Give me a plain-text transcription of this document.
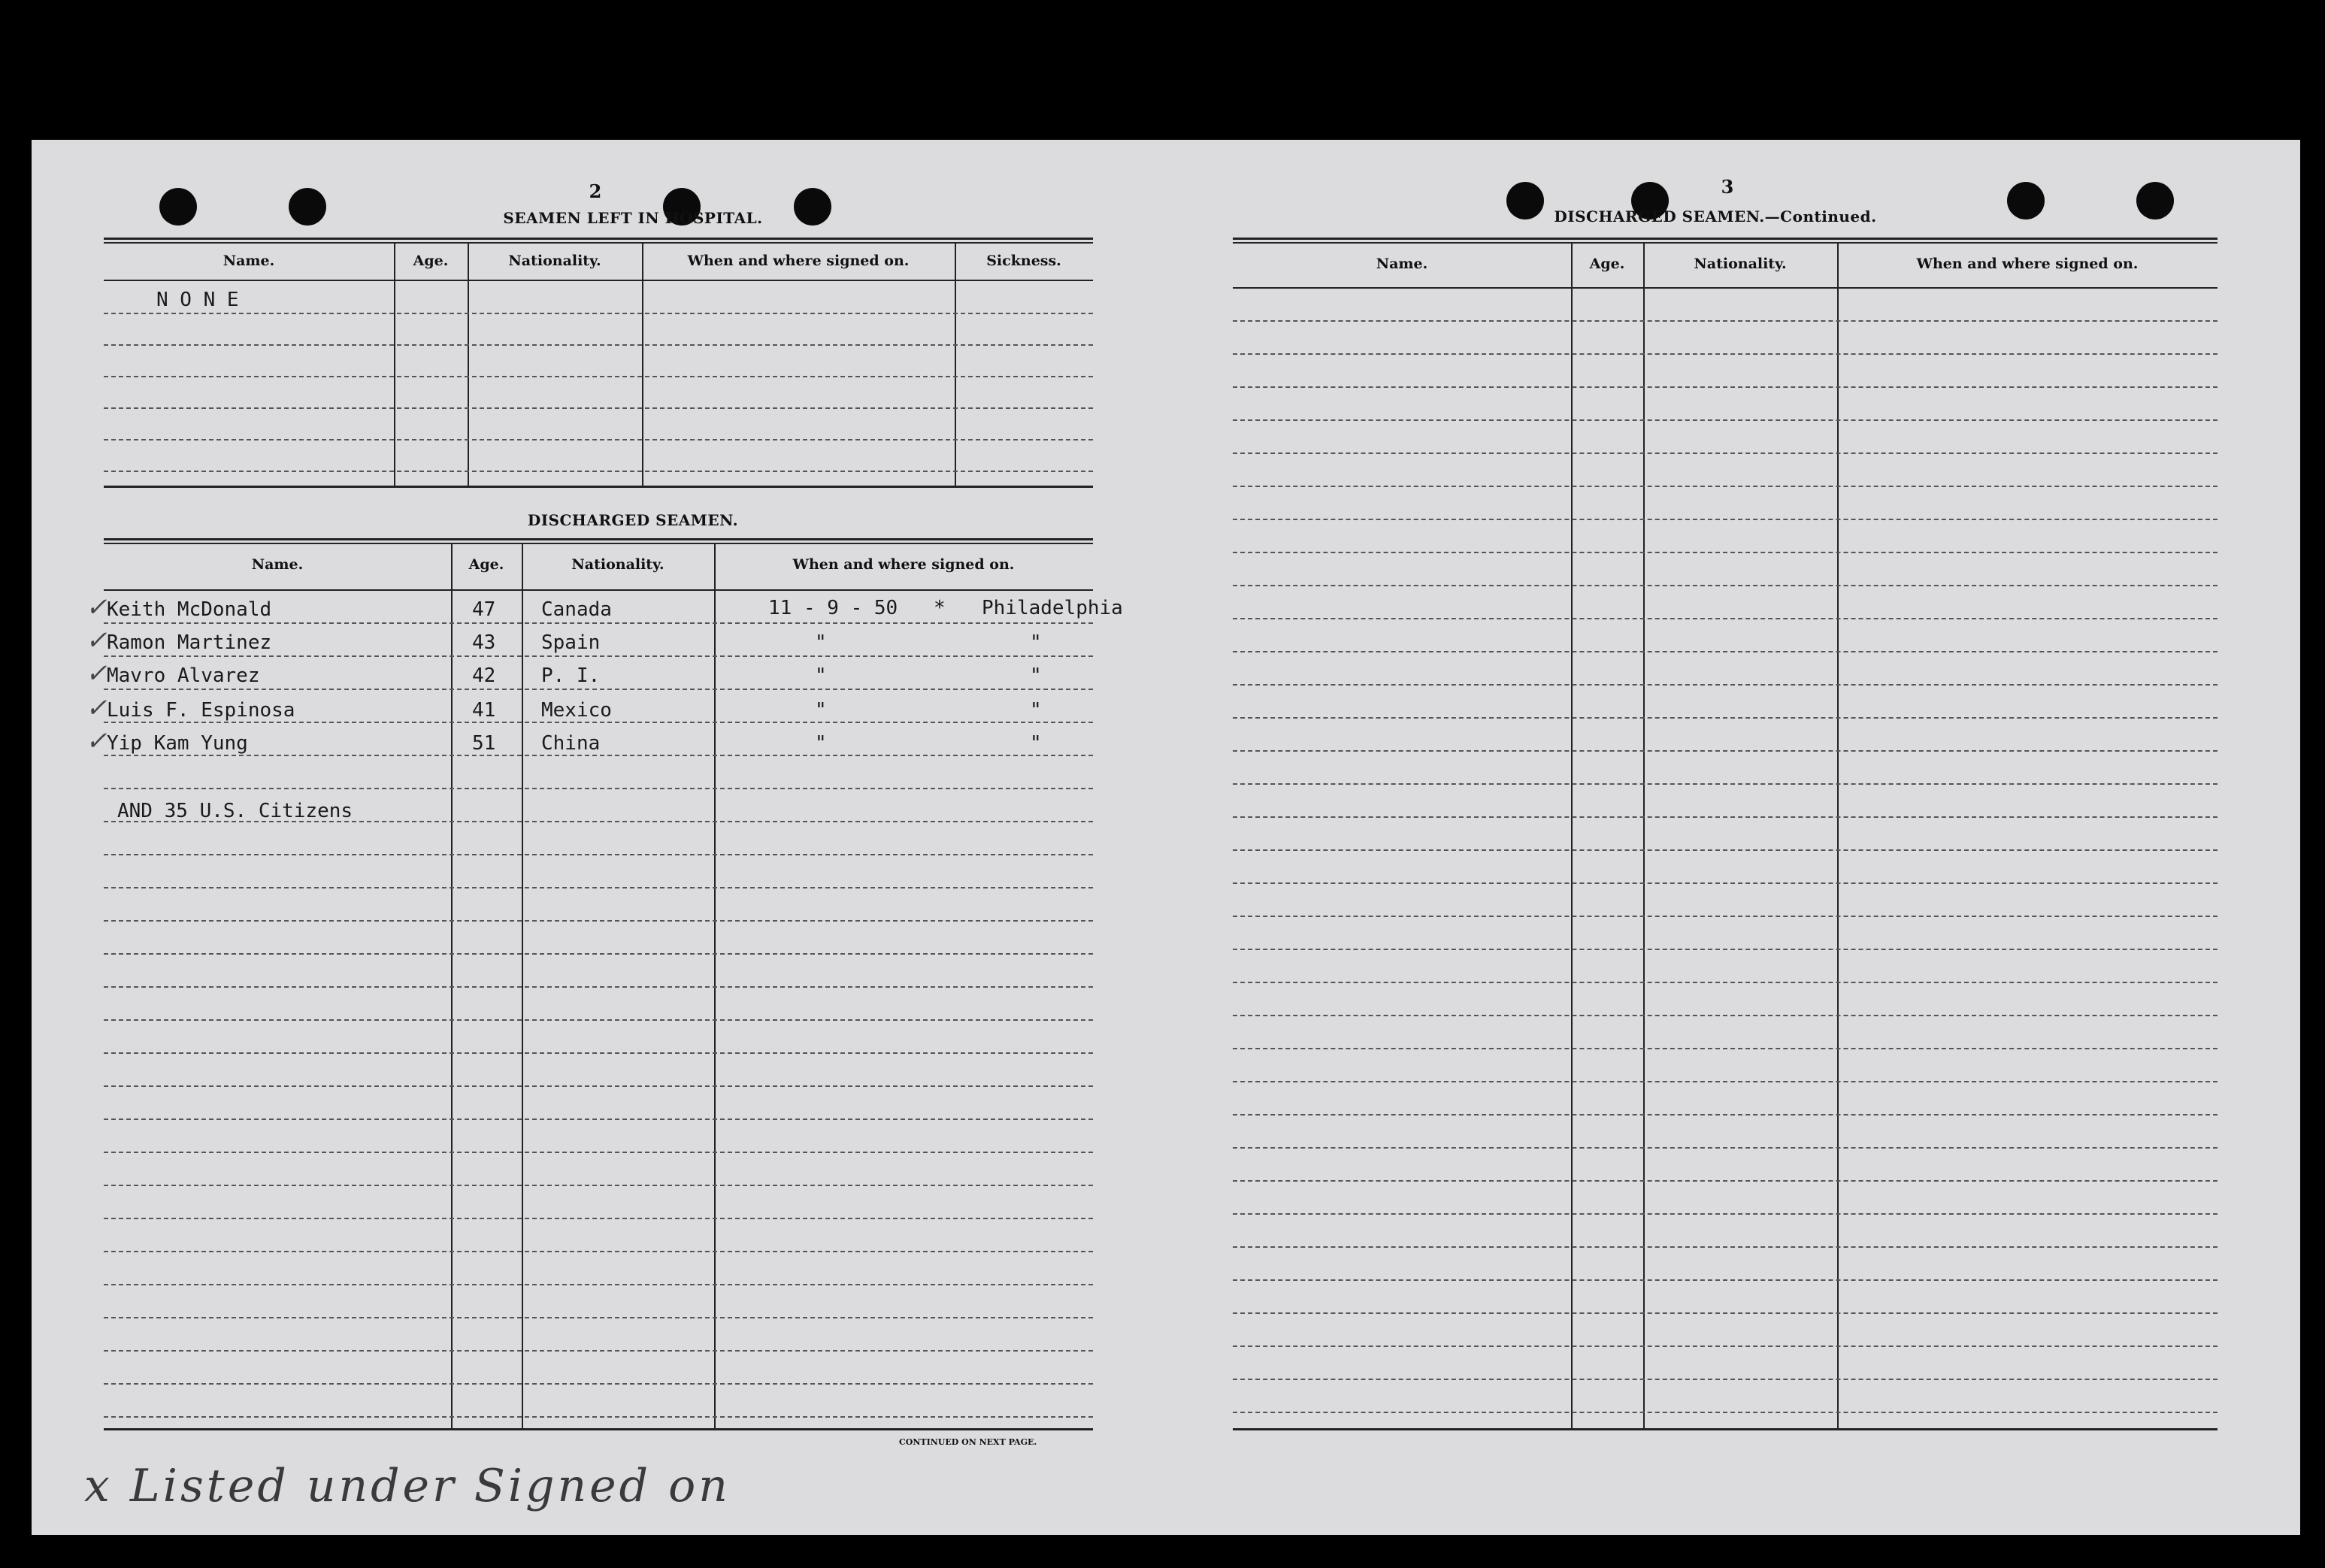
2
SEAMEN LEFT IN HOSPITAL.
Name.	Age.	Nationality.	When and where signed on.	Sickness.
N O N E
DISCHARGED SEAMEN.
Name.	Age.	Nationality.	When and where signed on.
✓ Keith McDonald	47 Canada	11 - 9 - 50 * Philadelphia
✓ Ramon Martinez	43 Spain	"	"
✓ Mavro Alvarez	42 P. I.	"	"
✓ Luis F. Espinosa	41 Mexico	"	"
✓ Yip Kam Yung	51 China	"	"
AND 35 U.S. Citizens
CONTINUED ON NEXT PAGE.
x Listed under Signed on
3
DISCHARGED SEAMEN.—Continued.
Name.	Age.	Nationality.	When and where signed on.
